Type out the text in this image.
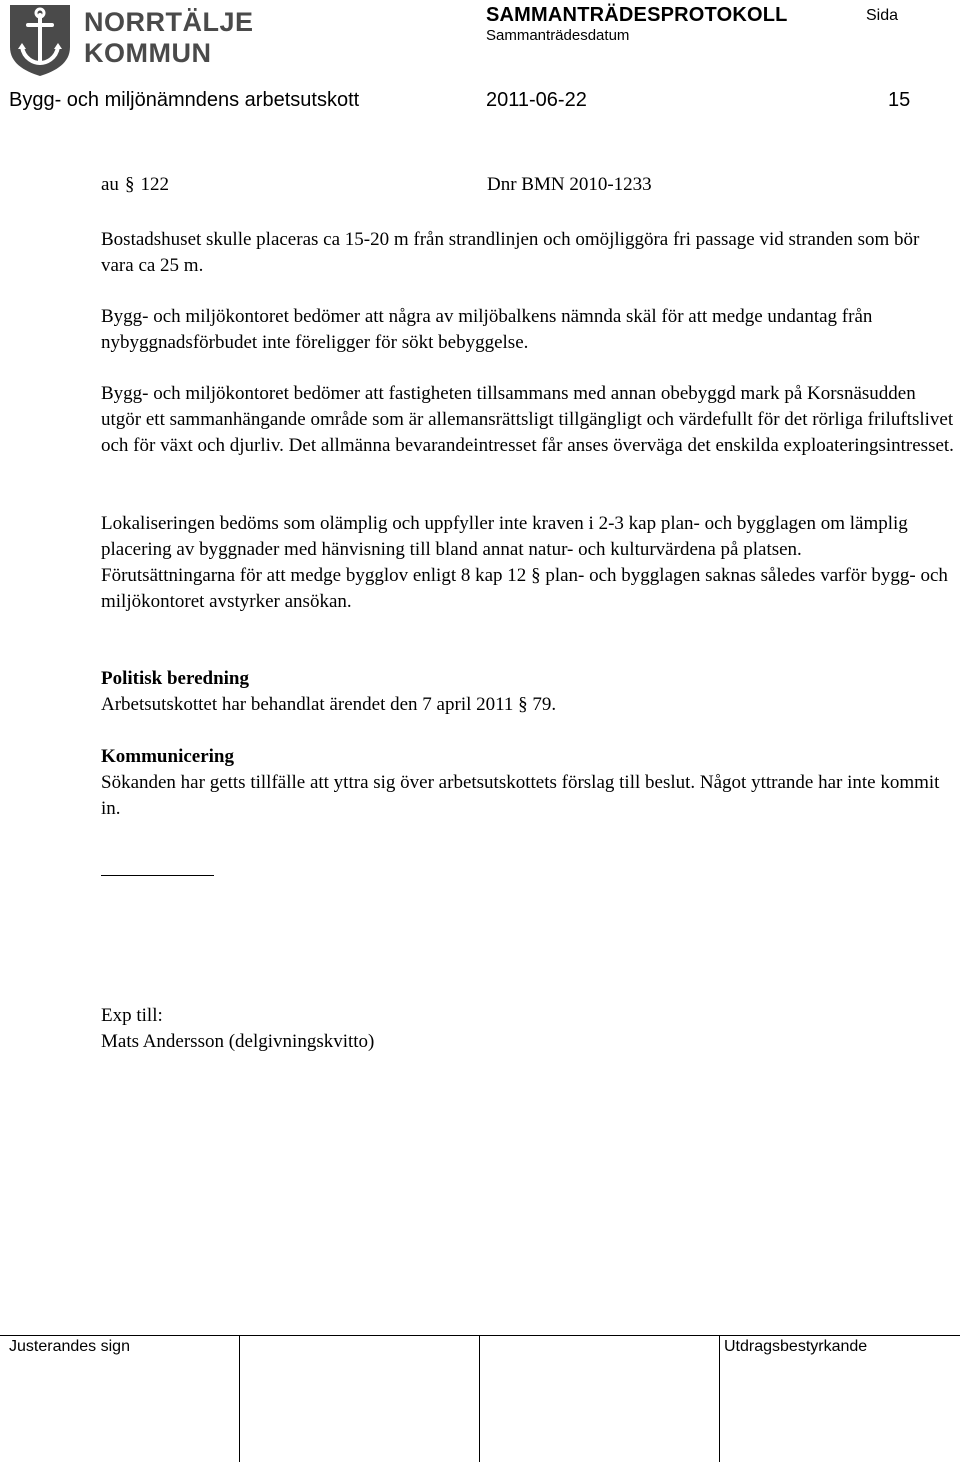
NORRTÄLJE
KOMMUN
SAMMANTRÄDESPROTOKOLL
Sammanträdesdatum
Sida
Bygg- och miljönämndens arbetsutskott	2011-06-22	15
au § 122	Dnr BMN 2010-1233

Bostadshuset skulle placeras ca 15-20 m från strandlinjen och omöjliggöra fri passage vid stranden som bör vara ca 25 m.

Bygg- och miljökontoret bedömer att några av miljöbalkens nämnda skäl för att medge undantag från nybyggnadsförbudet inte föreligger för sökt bebyggelse.

Bygg- och miljökontoret bedömer att fastigheten tillsammans med annan obebyggd mark på Korsnäsudden utgör ett sammanhängande område som är allemansrättsligt tillgängligt och värdefullt för det rörliga friluftslivet och för växt och djurliv. Det allmänna bevarandeintresset får anses överväga det enskilda exploateringsintresset.

Lokaliseringen bedöms som olämplig och uppfyller inte kraven i 2-3 kap plan- och bygglagen om lämplig placering av byggnader med hänvisning till bland annat natur- och kulturvärdena på platsen.

Förutsättningarna för att medge bygglov enligt 8 kap 12 § plan- och bygglagen saknas således varför bygg- och miljökontoret avstyrker ansökan.

Politisk beredning

Arbetsutskottet har behandlat ärendet den 7 april 2011 § 79.

Kommunicering

Sökanden har getts tillfälle att yttra sig över arbetsutskottets förslag till beslut. Något yttrande har inte kommit in.

Exp till:

Mats Andersson (delgivningskvitto)

Justerandes sign	Utdragsbestyrkande
